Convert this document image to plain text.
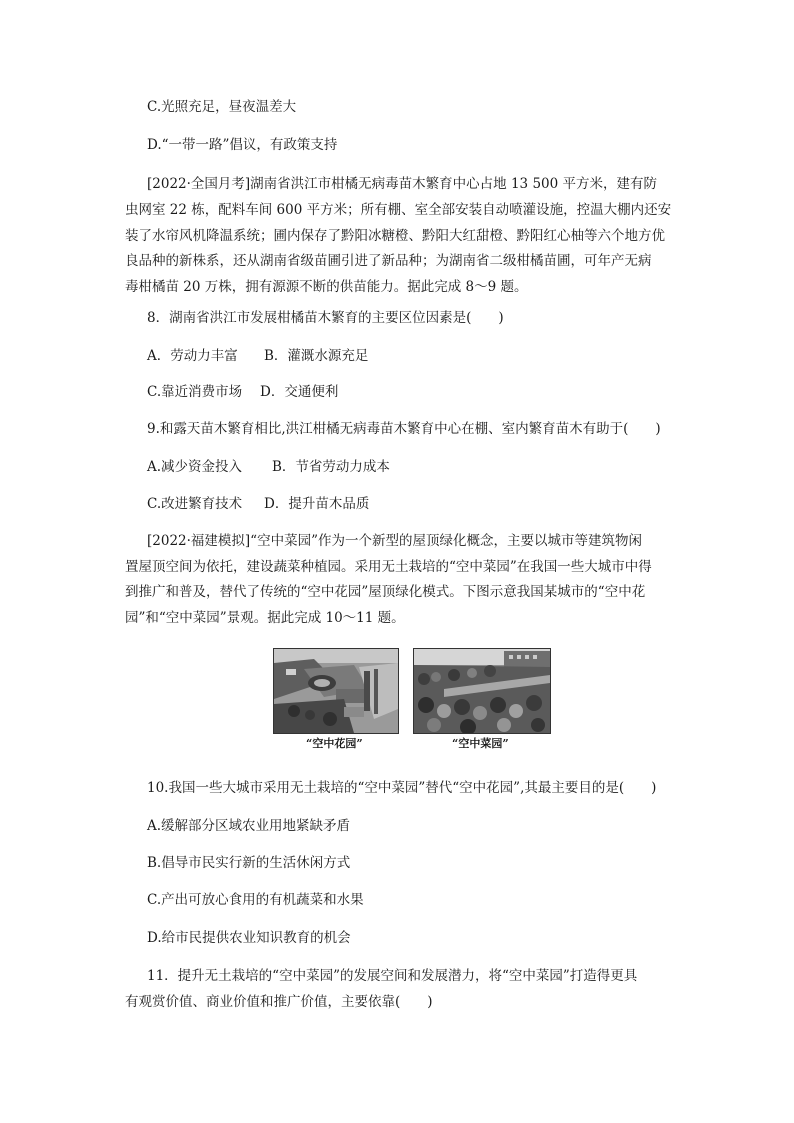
C.光照充足，昼夜温差大
D.“一带一路”倡议，有政策支持
[2022·全国月考]湖南省洪江市柑橘无病毒苗木繁育中心占地 13 500 平方米，建有防
虫网室 22 栋，配料车间 600 平方米；所有棚、室全部安装自动喷灌设施，控温大棚内还安
装了水帘风机降温系统；圃内保存了黔阳冰糖橙、黔阳大红甜橙、黔阳红心柚等六个地方优
良品种的新株系，还从湖南省级苗圃引进了新品种；为湖南省二级柑橘苗圃，可年产无病
毒柑橘苗 20 万株，拥有源源不断的供苗能力。据此完成 8～9 题。
8．湖南省洪江市发展柑橘苗木繁育的主要区位因素是(　　)
A．劳动力丰富 B．灌溉水源充足
C.靠近消费市场 D．交通便利
9.和露天苗木繁育相比,洪江柑橘无病毒苗木繁育中心在棚、室内繁育苗木有助于(　　)
A.减少资金投入 B．节省劳动力成本
C.改进繁育技术 D．提升苗木品质
[2022·福建模拟]“空中菜园”作为一个新型的屋顶绿化概念，主要以城市等建筑物闲
置屋顶空间为依托，建设蔬菜种植园。采用无土栽培的“空中菜园”在我国一些大城市中得
到推广和普及，替代了传统的“空中花园”屋顶绿化模式。下图示意我国某城市的“空中花
园”和“空中菜园”景观。据此完成 10～11 题。
“空中花园”	“空中菜园”
10.我国一些大城市采用无土栽培的“空中菜园”替代“空中花园”,其最主要目的是(　　)
A.缓解部分区域农业用地紧缺矛盾
B.倡导市民实行新的生活休闲方式
C.产出可放心食用的有机蔬菜和水果
D.给市民提供农业知识教育的机会
11．提升无土栽培的“空中菜园”的发展空间和发展潜力，将“空中菜园”打造得更具
有观赏价值、商业价值和推广价值，主要依靠(　　)
